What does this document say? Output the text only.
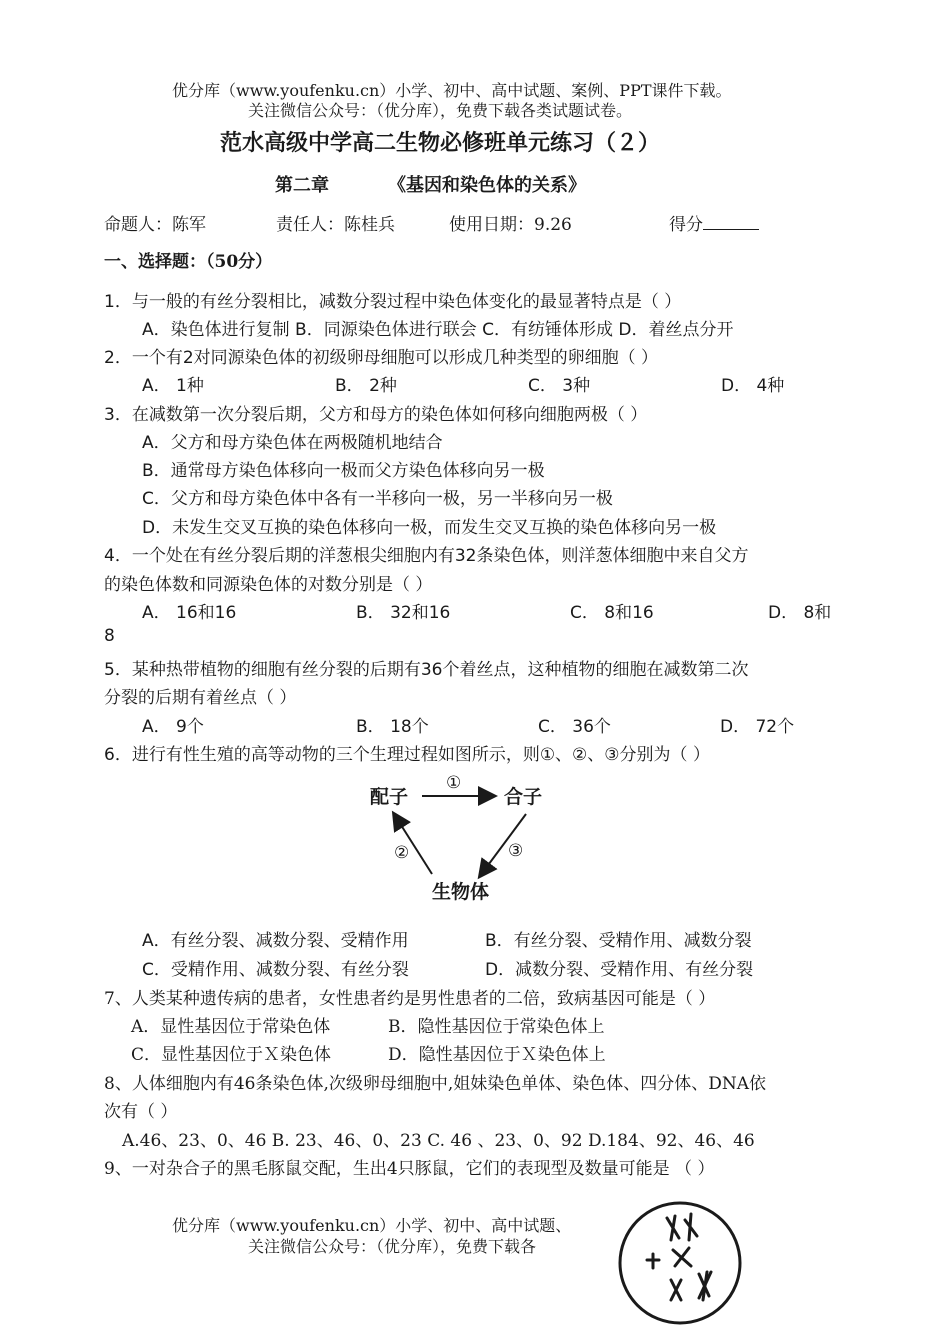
优分库（www.youfenku.cn）小学、初中、高中试题、案例、PPT课件下载。
关注微信公众号：（优分库），免费下载各类试题试卷。
范水高级中学高二生物必修班单元练习（２）
第二章	《基因和染色体的关系》
命题人：陈军	责任人：陈桂兵	使用日期：9.26	得分
一、选择题：（50分）
1．与一般的有丝分裂相比，减数分裂过程中染色体变化的最显著特点是（ ）
A．染色体进行复制 B．同源染色体进行联会 C．有纺锤体形成 D．着丝点分开
2．一个有2对同源染色体的初级卵母细胞可以形成几种类型的卵细胞（ ）
A． 1种	B． 2种	C． 3种	D． 4种
3．在减数第一次分裂后期，父方和母方的染色体如何移向细胞两极（ ）
A．父方和母方染色体在两极随机地结合
B．通常母方染色体移向一极而父方染色体移向另一极
C．父方和母方染色体中各有一半移向一极，另一半移向另一极
D．未发生交叉互换的染色体移向一极，而发生交叉互换的染色体移向另一极
4．一个处在有丝分裂后期的洋葱根尖细胞内有32条染色体，则洋葱体细胞中来自父方
的染色体数和同源染色体的对数分别是（ ）
A． 16和16	B． 32和16	C． 8和16	D． 8和
8
5．某种热带植物的细胞有丝分裂的后期有36个着丝点，这种植物的细胞在减数第二次
分裂的后期有着丝点（ ）
A． 9个	B． 18个	C． 36个	D． 72个
6．进行有性生殖的高等动物的三个生理过程如图所示，则①、②、③分别为（ ）
配子	合子
生物体
①
②	③
A．有丝分裂、减数分裂、受精作用	B．有丝分裂、受精作用、减数分裂
C．受精作用、减数分裂、有丝分裂	D．减数分裂、受精作用、有丝分裂
7、人类某种遗传病的患者，女性患者约是男性患者的二倍，致病基因可能是（ ）
A．显性基因位于常染色体	B．隐性基因位于常染色体上
C．显性基因位于Ｘ染色体	D．隐性基因位于Ｘ染色体上
8、人体细胞内有46条染色体,次级卵母细胞中,姐妹染色单体、染色体、四分体、DNA依
次有（ ）
A.46、23、0、46 B. 23、46、0、23 C. 46 、23、0、92 D.184、92、46、46
9、一对杂合子的黑毛豚鼠交配，生出4只豚鼠，它们的表现型及数量可能是 （ ）
优分库（www.youfenku.cn）小学、初中、高中试题、
关注微信公众号：（优分库），免费下载各
